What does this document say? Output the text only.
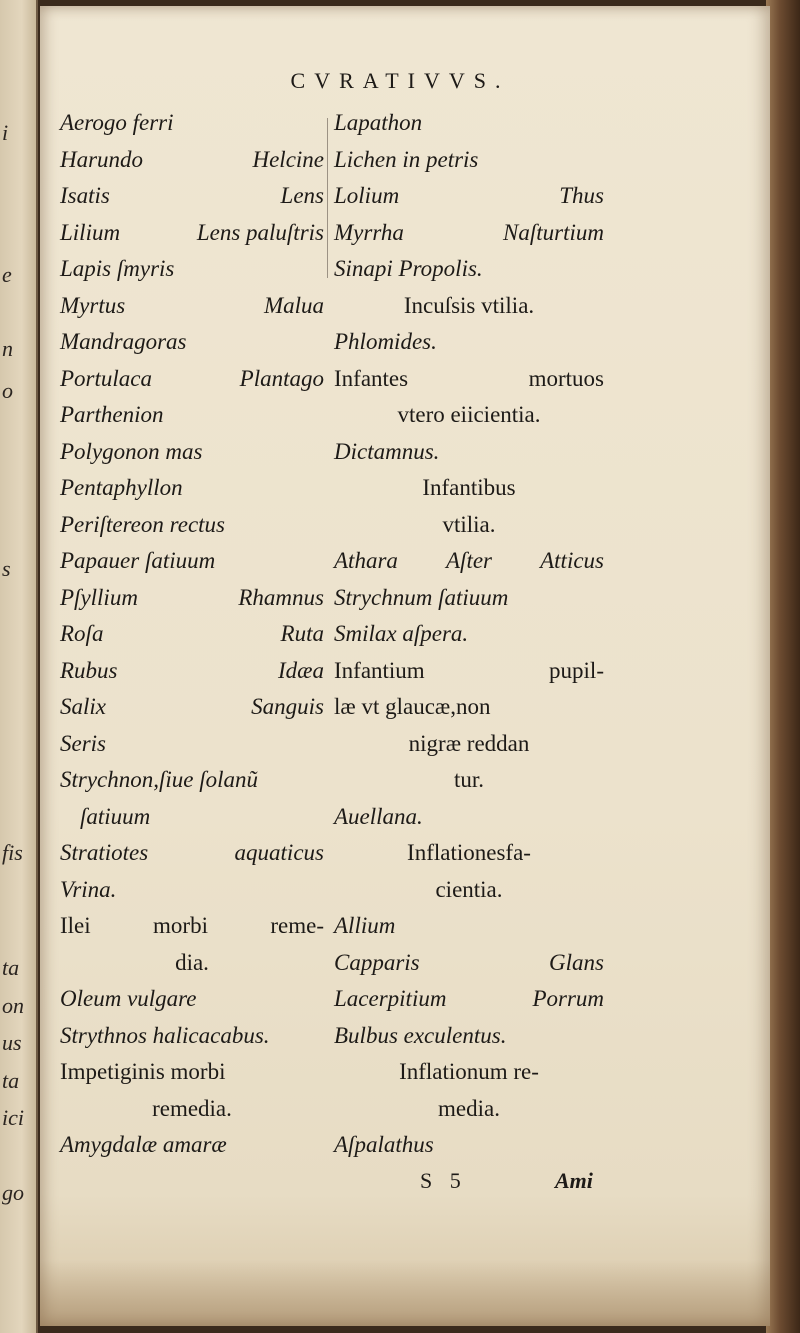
i
e
n
o
s
fis
ta
on
us
ta
ici
go
CVRATIVVS.
Aerogo ferri
Harundo	Helcine
Isatis	Lens
Lilium	Lens paluſtris
Lapis ſmyris
Myrtus	Malua
Mandragoras
Portulaca	Plantago
Parthenion
Polygonon mas
Pentaphyllon
Periſtereon rectus
Papauer ſatiuum
Pſyllium	Rhamnus
Roſa	Ruta
Rubus	Idæa
Salix	Sanguis
Seris
Strychnon,ſiue ſolanũ
ſatiuum
Stratiotes	aquaticus
Vrina.
Ilei	morbi	reme-
dia.
Oleum vulgare
Strythnos halicacabus.
Impetiginis morbi
remedia.
Amygdalæ amaræ
Lapathon
Lichen in petris
Lolium	Thus
Myrrha	Naſturtium
Sinapi Propolis.
Incuſsis vtilia.
Phlomides.
Infantes	mortuos
vtero eiicientia.
Dictamnus.
Infantibus
vtilia.
Athara Aſter Atticus
Strychnum ſatiuum
Smilax aſpera.
Infantium	pupil-
læ vt glaucæ,non
nigræ reddan
tur.
Auellana.
Inflationes fa-
cientia.
Allium
Capparis	Glans
Lacerpitium	Porrum
Bulbus exculentus.
Inflationum re-
media.
Aſpalathus
S 5	Ami
